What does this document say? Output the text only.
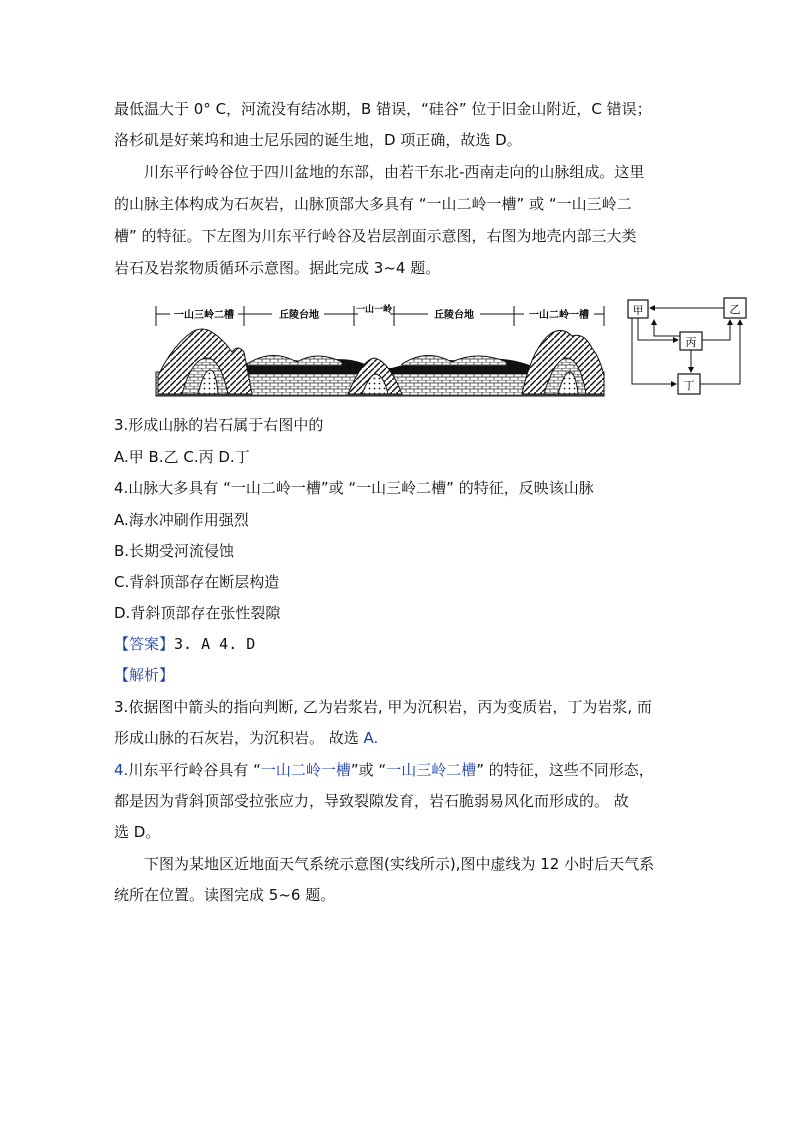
最低温大于 0° C，河流没有结冰期，B 错误，“硅谷” 位于旧金山附近，C 错误；
洛杉矶是好莱坞和迪士尼乐园的诞生地，D 项正确，故选 D。
川东平行岭谷位于四川盆地的东部，由若干东北-西南走向的山脉组成。这里
的山脉主体构成为石灰岩，山脉顶部大多具有 “一山二岭一槽” 或 “一山三岭二
槽” 的特征。下左图为川东平行岭谷及岩层剖面示意图，右图为地壳内部三大类
岩石及岩浆物质循环示意图。据此完成 3~4 题。
一山三岭二槽	丘陵台地	一山一岭	丘陵台地	一山二岭一槽	甲	乙
丙
丁
3.形成山脉的岩石属于右图中的
A.甲 B.乙 C.丙 D.丁
4.山脉大多具有 “一山二岭一槽”或 “一山三岭二槽” 的特征，反映该山脉
A.海水冲刷作用强烈
B.长期受河流侵蚀
C.背斜顶部存在断层构造
D.背斜顶部存在张性裂隙
【答案】3. A 4. D
【解析】
3.依据图中箭头的指向判断, 乙为岩浆岩, 甲为沉积岩，丙为变质岩，丁为岩浆, 而
形成山脉的石灰岩，为沉积岩。 故选 A.
4.川东平行岭谷具有 “一山二岭一槽”或 “一山三岭二槽” 的特征，这些不同形态，
都是因为背斜顶部受拉张应力，导致裂隙发育，岩石脆弱易风化而形成的。 故
选 D。
下图为某地区近地面天气系统示意图(实线所示),图中虚线为 12 小时后天气系
统所在位置。读图完成 5~6 题。
